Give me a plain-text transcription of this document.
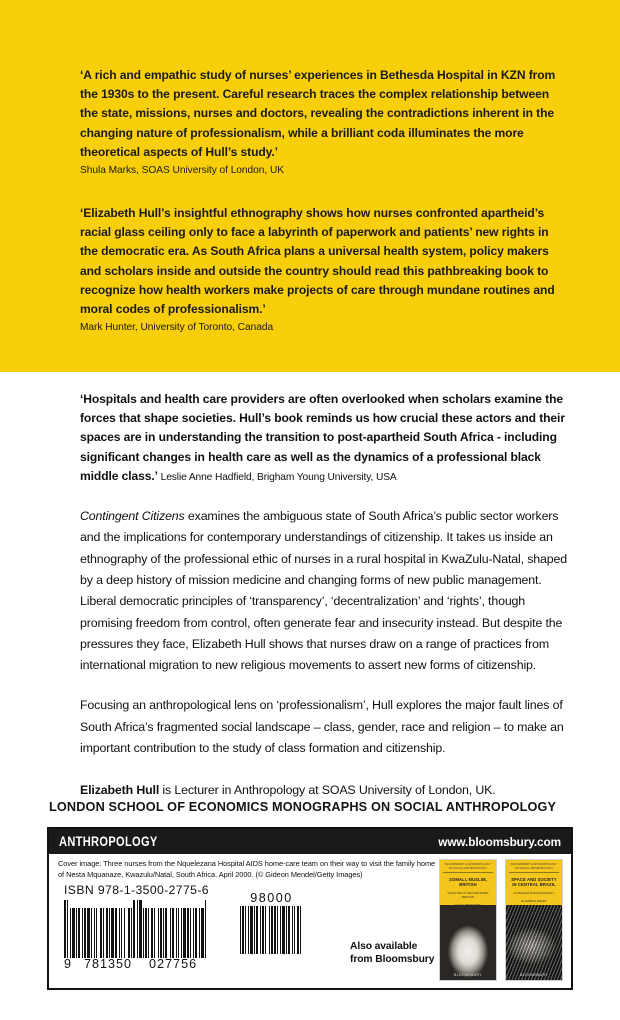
‘A rich and empathic study of nurses’ experiences in Bethesda Hospital in KZN from the 1930s to the present. Careful research traces the complex relationship between the state, missions, nurses and doctors, revealing the contradictions inherent in the changing nature of professionalism, while a brilliant coda illuminates the more theoretical aspects of Hull’s study.’

Shula Marks, SOAS University of London, UK

‘Elizabeth Hull’s insightful ethnography shows how nurses confronted apartheid’s racial glass ceiling only to face a labyrinth of paperwork and patients’ new rights in the democratic era. As South Africa plans a universal health system, policy makers and scholars inside and outside the country should read this pathbreaking book to recognize how health workers make projects of care through mundane routines and moral codes of professionalism.’

Mark Hunter, University of Toronto, Canada

‘Hospitals and health care providers are often overlooked when scholars examine the forces that shape societies. Hull’s book reminds us how crucial these actors and their spaces are in understanding the transition to post-apartheid South Africa - including significant changes in health care as well as the dynamics of a professional black middle class.’ Leslie Anne Hadfield, Brigham Young University, USA

Contingent Citizens examines the ambiguous state of South Africa’s public sector workers and the implications for contemporary understandings of citizenship. It takes us inside an ethnography of the professional ethic of nurses in a rural hospital in KwaZulu-Natal, shaped by a deep history of mission medicine and changing forms of new public management. Liberal democratic principles of ‘transparency’, ‘decentralization’ and ‘rights’, though promising freedom from control, often generate fear and insecurity instead. But despite the pressures they face, Elizabeth Hull shows that nurses draw on a range of practices from international migration to new religious movements to assert new forms of citizenship.

Focusing an anthropological lens on ‘professionalism’, Hull explores the major fault lines of South Africa’s fragmented social landscape – class, gender, race and religion – to make an important contribution to the study of class formation and citizenship.

Elizabeth Hull is Lecturer in Anthropology at SOAS University of London, UK.

LONDON SCHOOL OF ECONOMICS MONOGRAPHS ON SOCIAL ANTHROPOLOGY
ANTHROPOLOGY	www.bloomsbury.com
Cover image: Three nurses from the Nquelezana Hospital AIDS home-care team on their way to visit the family home of Nesta Mquanaze, Kwazulu/Natal, South Africa. April 2000. (© Gideon Mendel/Getty Images)
ISBN 978-1-3500-2775-6
9 781350 027756
98000
Also available
from Bloomsbury
BLOOMSBURY & ANTHROPOLOGY OF SOCIAL ANTHROPOLOGY
SOMALI, MUSLIM, BRITISH
STRIVING IN SECURITIZED BRITAIN
BLOOMSBURY
BLOOMSBURY & ANTHROPOLOGY OF SOCIAL ANTHROPOLOGY
SPACE AND SOCIETY IN CENTRAL BRAZIL
A PANARÁ ETHNOGRAPHY
ELIZABETH EWART
BLOOMSBURY
